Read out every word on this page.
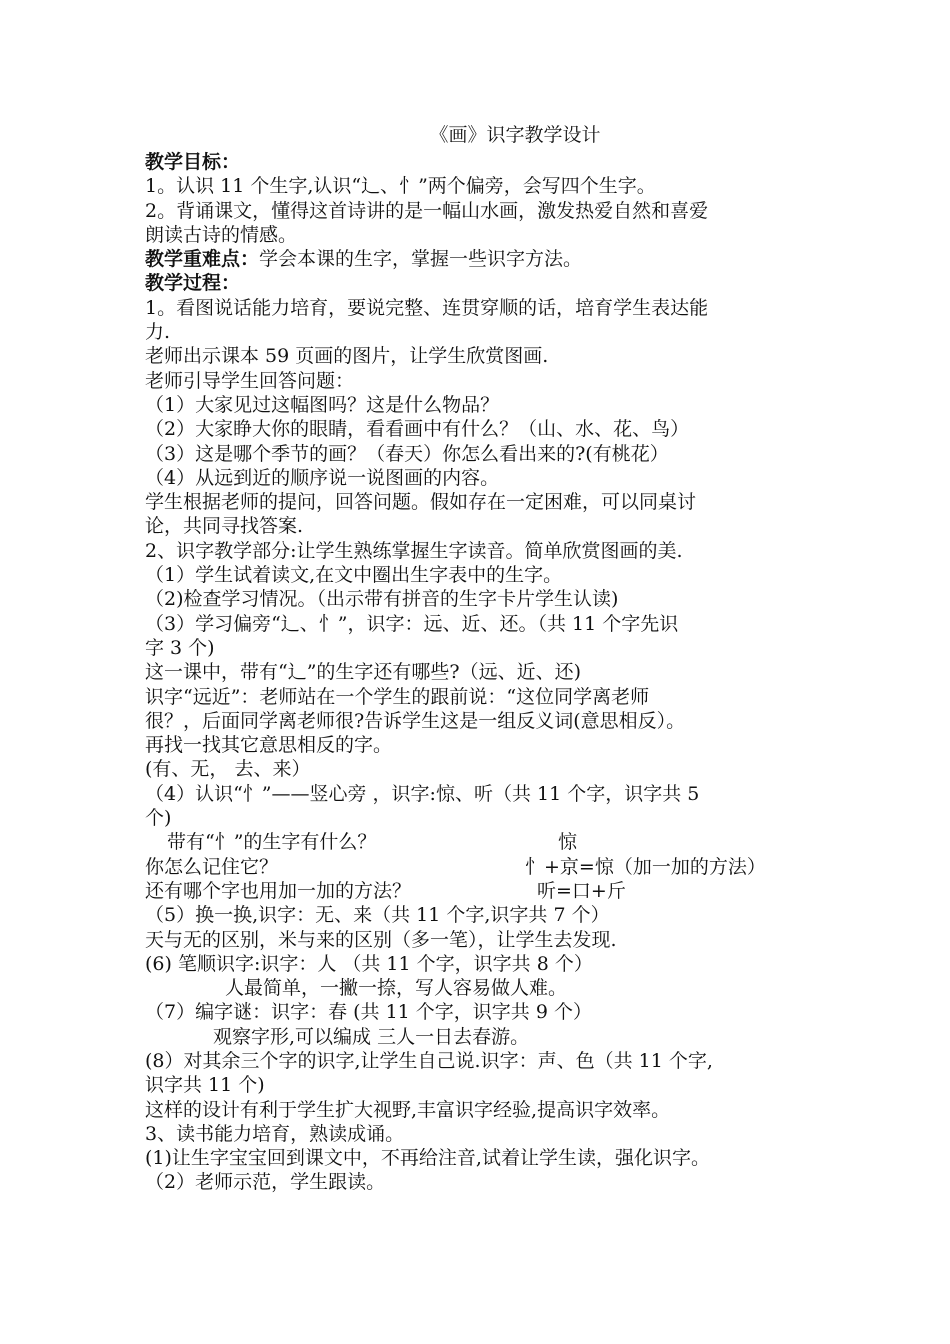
《画》识字教学设计
教学目标：
1。认识 11 个生字,认识“辶、忄”两个偏旁，会写四个生字。
2。背诵课文，懂得这首诗讲的是一幅山水画，激发热爱自然和喜爱
朗读古诗的情感。
教学重难点：学会本课的生字，掌握一些识字方法。
教学过程：
1。看图说话能力培育，要说完整、连贯穿顺的话，培育学生表达能
力.
老师出示课本 59 页画的图片，让学生欣赏图画.
老师引导学生回答问题：
（1）大家见过这幅图吗？这是什么物品？
（2）大家睁大你的眼睛，看看画中有什么？（山、水、花、鸟）
（3）这是哪个季节的画？（春天）你怎么看出来的?(有桃花）
（4）从远到近的顺序说一说图画的内容。
学生根据老师的提问，回答问题。假如存在一定困难，可以同桌讨
论，共同寻找答案.
2、识字教学部分:让学生熟练掌握生字读音。简单欣赏图画的美.
（1）学生试着读文,在文中圈出生字表中的生字。
（2)检查学习情况。（出示带有拼音的生字卡片学生认读)
（3）学习偏旁“辶、忄”，识字：远、近、还。（共 11 个字先识
字 3 个)
这一课中，带有“辶”的生字还有哪些?（远、近、还)
识字“远近”：老师站在一个学生的跟前说：“这位同学离老师
很？，后面同学离老师很?告诉学生这是一组反义词(意思相反）。
再找一找其它意思相反的字。
(有、无， 去、来）
（4）认识“忄”——竖心旁 ，识字:惊、听（共 11 个字，识字共 5
个)
带有“忄”的生字有什么？	惊
你怎么记住它？	忄+京=惊（加一加的方法）
还有哪个字也用加一加的方法？	听=口+斤
（5）换一换,识字：无、来（共 11 个字,识字共 7 个）
天与无的区别，米与来的区别（多一笔），让学生去发现.
(6) 笔顺识字:识字：人 （共 11 个字，识字共 8 个）
人最简单，一撇一捺，写人容易做人难。
（7）编字谜：识字：春 (共 11 个字，识字共 9 个）
观察字形,可以编成 三人一日去春游。
(8）对其余三个字的识字,让学生自己说.识字：声、色（共 11 个字,
识字共 11 个)
这样的设计有利于学生扩大视野,丰富识字经验,提高识字效率。
3、读书能力培育，熟读成诵。
(1)让生字宝宝回到课文中，不再给注音,试着让学生读，强化识字。
（2）老师示范，学生跟读。
